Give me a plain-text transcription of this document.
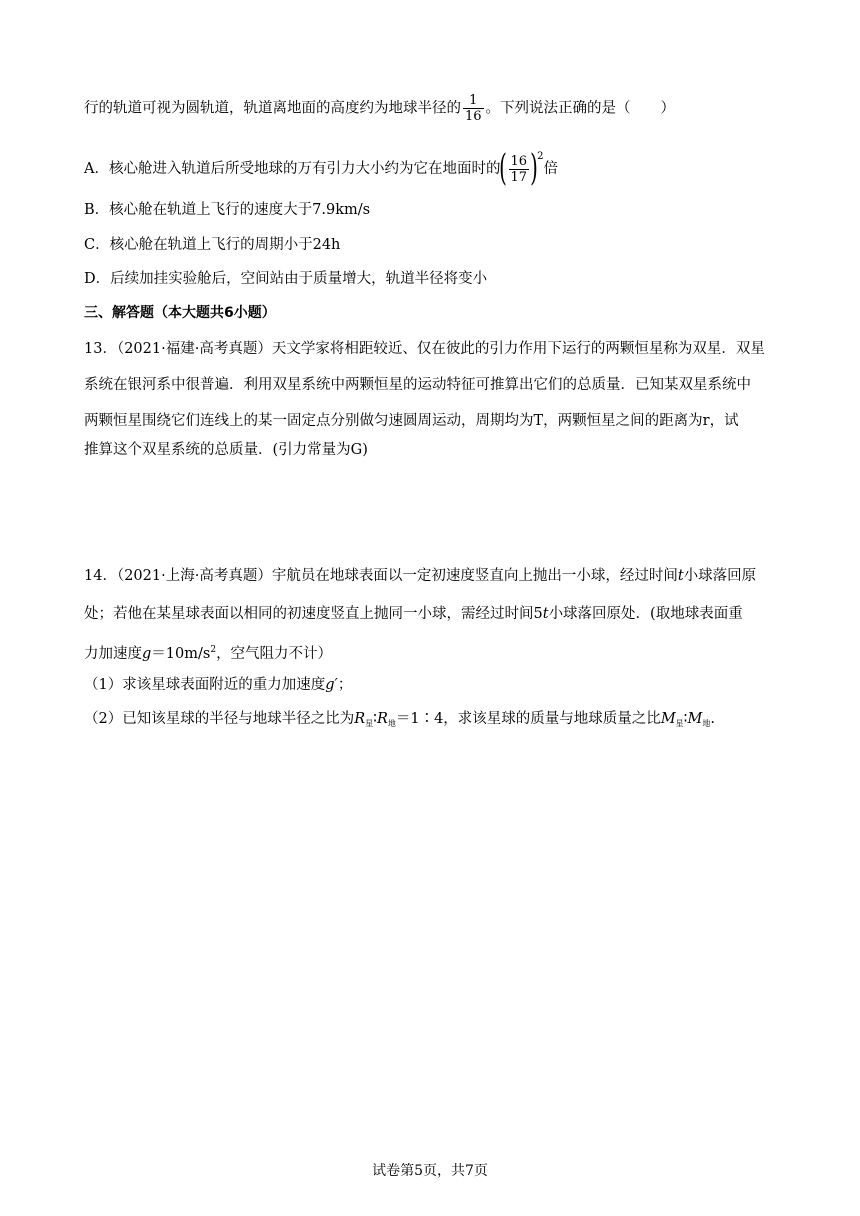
行的轨道可视为圆轨道，轨道离地面的高度约为地球半径的 $\frac{1}{16}$ 。下列说法正确的是（ ）
A．核心舱进入轨道后所受地球的万有引力大小约为它在地面时的( $\frac{16}{17} )^2$倍
B．核心舱在轨道上飞行的速度大于7.9km/s
C．核心舱在轨道上飞行的周期小于24h
D．后续加挂实验舱后，空间站由于质量增大，轨道半径将变小
三、解答题（本大题共6小题）
13．（2021·福建·高考真题）天文学家将相距较近、仅在彼此的引力作用下运行的两颗恒星称为双星．双星
系统在银河系中很普遍．利用双星系统中两颗恒星的运动特征可推算出它们的总质量．已知某双星系统中
两颗恒星围绕它们连线上的某一固定点分别做匀速圆周运动，周期均为T，两颗恒星之间的距离为r，试
推算这个双星系统的总质量．(引力常量为G)
14．（2021·上海·高考真题）宇航员在地球表面以一定初速度竖直向上抛出一小球，经过时间t小球落回原
处；若他在某星球表面以相同的初速度竖直上抛同一小球，需经过时间5t小球落回原处．(取地球表面重
力加速度$g=10m/s^2$，空气阻力不计）
（1）求该星球表面附近的重力加速度g′；
（2）已知该星球的半径与地球半径之比为$R_星∶R_地=1∶4$，求该星球的质量与地球质量之比$M_星∶M_地$.
试卷第5页，共7页
